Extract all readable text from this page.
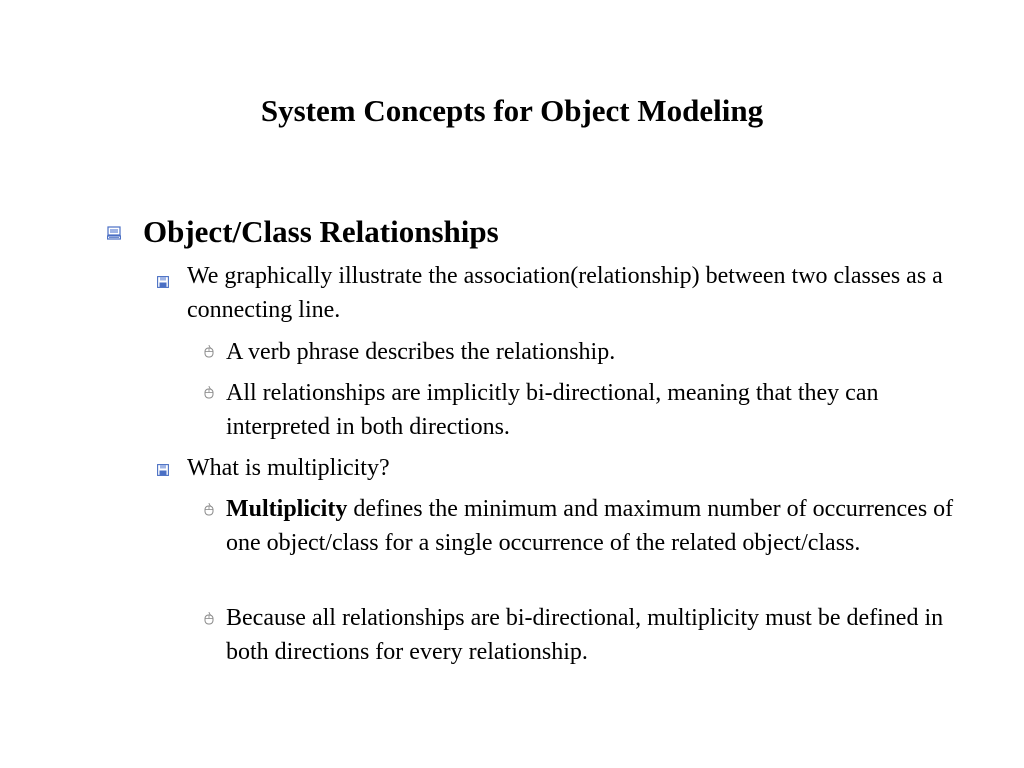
System Concepts for Object Modeling
Object/Class Relationships
We graphically illustrate the association(relationship) between two classes as a connecting line.
A verb phrase describes the relationship.
All relationships are implicitly bi-directional, meaning that they can interpreted in both directions.
What is multiplicity?
Multiplicity defines the minimum and maximum number of occurrences of one object/class for a single occurrence of the related object/class.
Because all relationships are bi-directional, multiplicity must be defined in both directions for every relationship.
